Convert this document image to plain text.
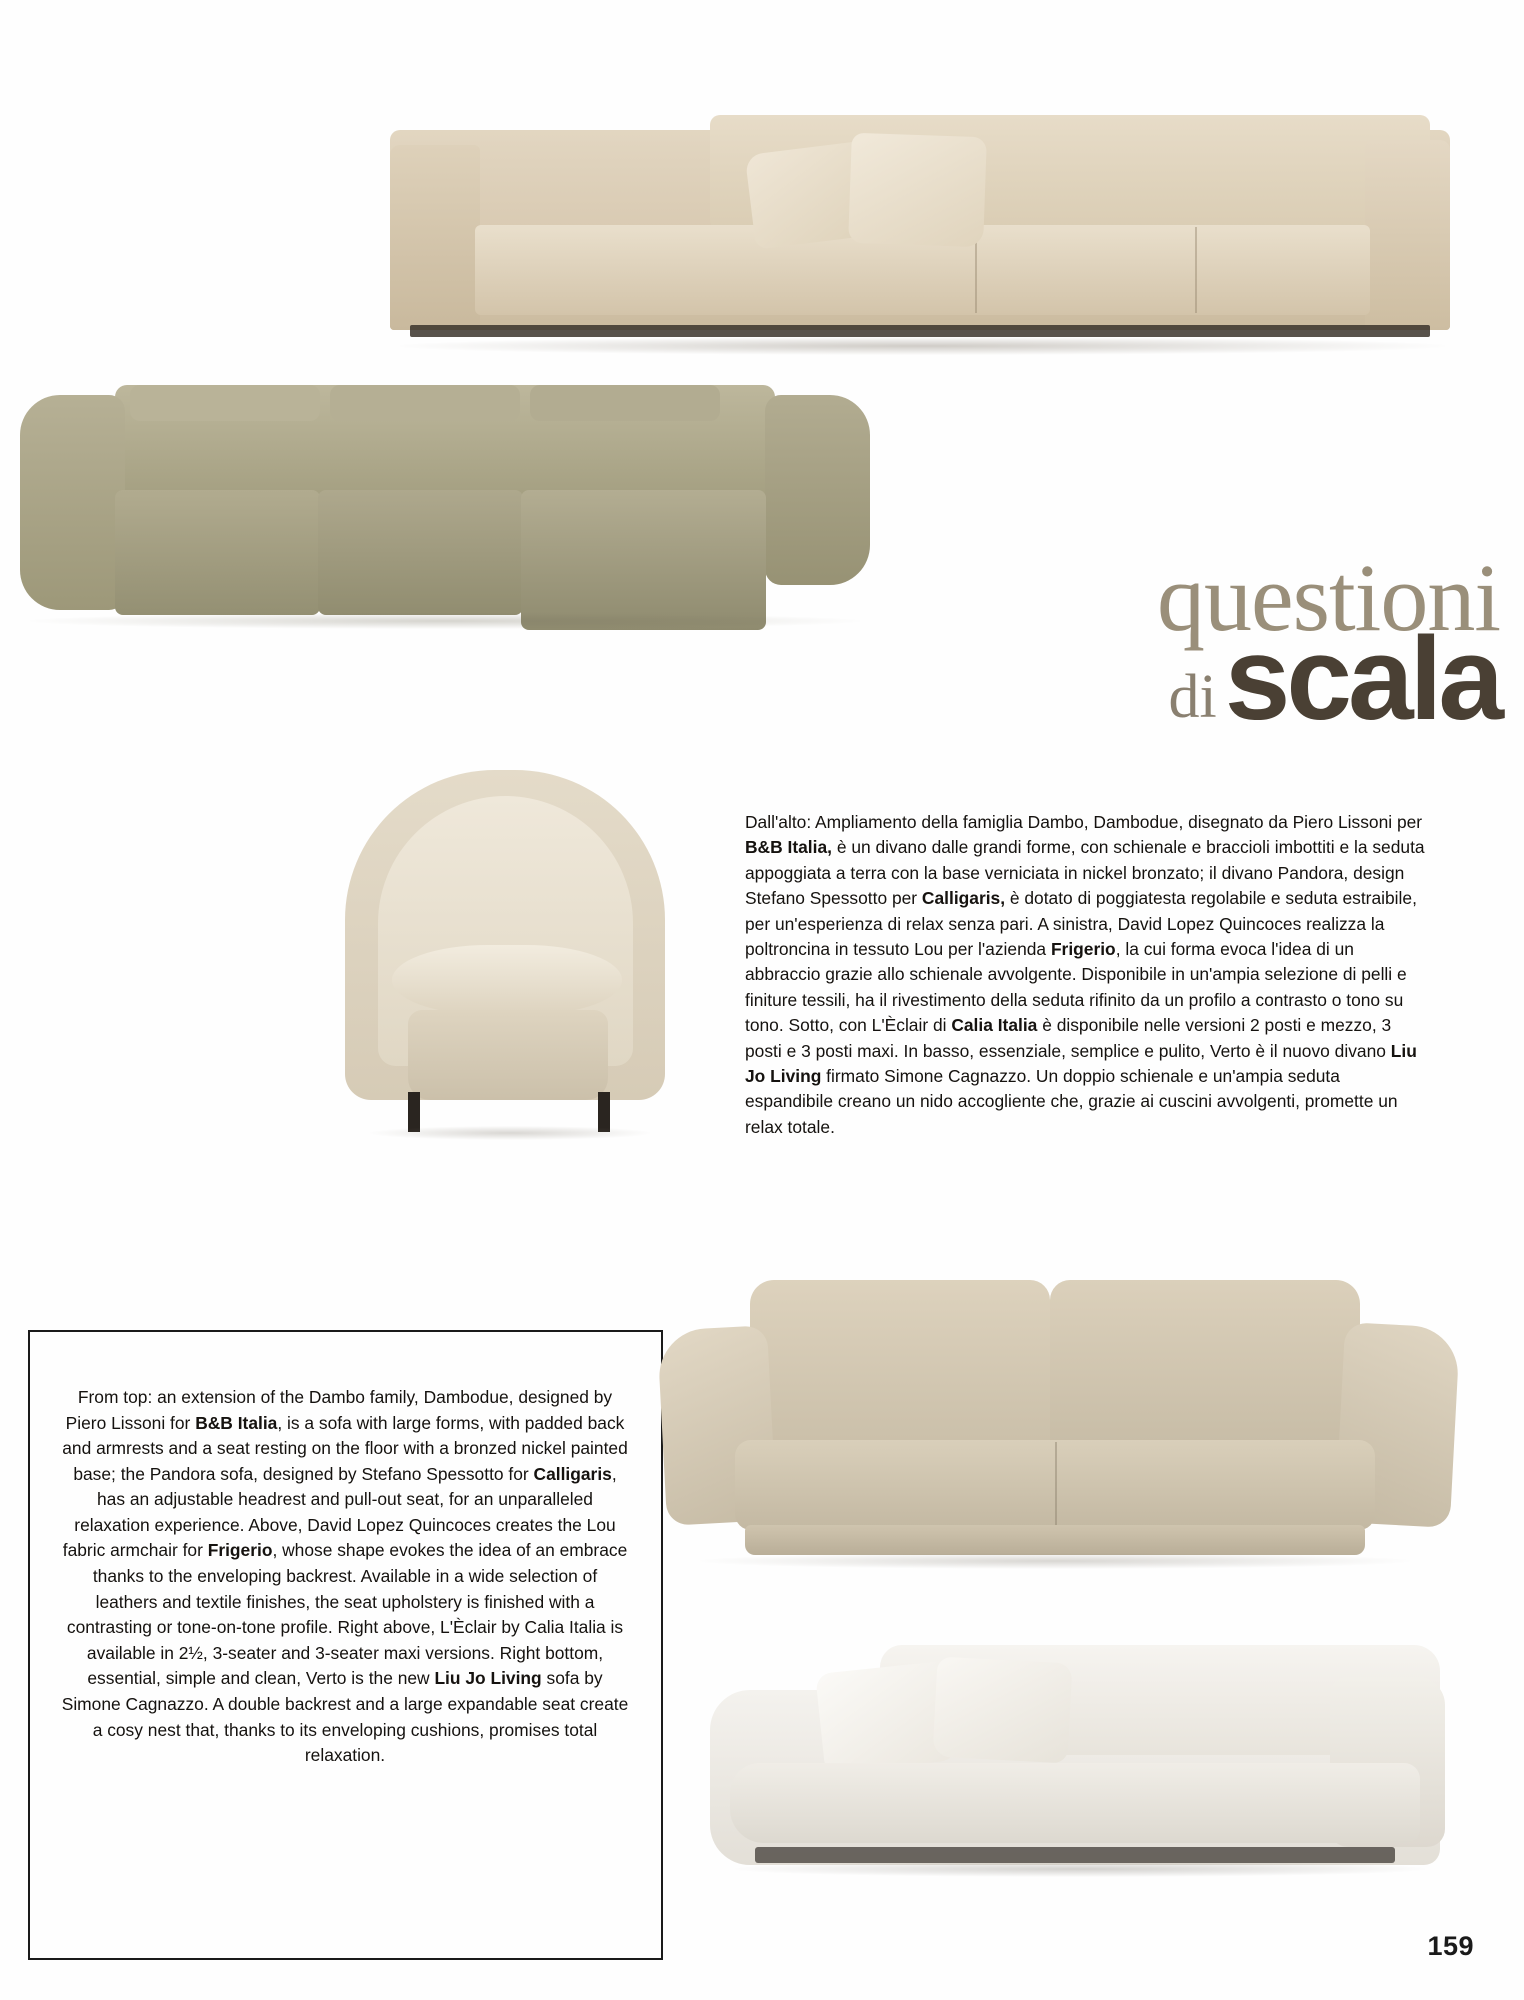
questioni
di scala
Dall'alto: Ampliamento della famiglia Dambo, Dambodue, disegnato da Piero Lissoni per B&B Italia, è un divano dalle grandi forme, con schienale e braccioli imbottiti e la seduta appoggiata a terra con la base verniciata in nickel bronzato; il divano Pandora, design Stefano Spessotto per Calligaris, è dotato di poggiatesta regolabile e seduta estraibile, per un'esperienza di relax senza pari. A sinistra, David Lopez Quincoces realizza la poltroncina in tessuto Lou per l'azienda Frigerio, la cui forma evoca l'idea di un abbraccio grazie allo schienale avvolgente. Disponibile in un'ampia selezione di pelli e finiture tessili, ha il rivestimento della seduta rifinito da un profilo a contrasto o tono su tono. Sotto, con L'Èclair di Calia Italia è disponibile nelle versioni 2 posti e mezzo, 3 posti e 3 posti maxi. In basso, essenziale, semplice e pulito, Verto è il nuovo divano Liu Jo Living firmato Simone Cagnazzo. Un doppio schienale e un'ampia seduta espandibile creano un nido accogliente che, grazie ai cuscini avvolgenti, promette un relax totale.
From top: an extension of the Dambo family, Dambodue, designed by Piero Lissoni for B&B Italia, is a sofa with large forms, with padded back and armrests and a seat resting on the floor with a bronzed nickel painted base; the Pandora sofa, designed by Stefano Spessotto for Calligaris, has an adjustable headrest and pull-out seat, for an unparalleled relaxation experience. Above, David Lopez Quincoces creates the Lou fabric armchair for Frigerio, whose shape evokes the idea of an embrace thanks to the enveloping backrest. Available in a wide selection of leathers and textile finishes, the seat upholstery is finished with a contrasting or tone-on-tone profile. Right above, L'Èclair by Calia Italia is available in 2½, 3-seater and 3-seater maxi versions. Right bottom, essential, simple and clean, Verto is the new Liu Jo Living sofa by Simone Cagnazzo. A double backrest and a large expandable seat create a cosy nest that, thanks to its enveloping cushions, promises total relaxation.
159
